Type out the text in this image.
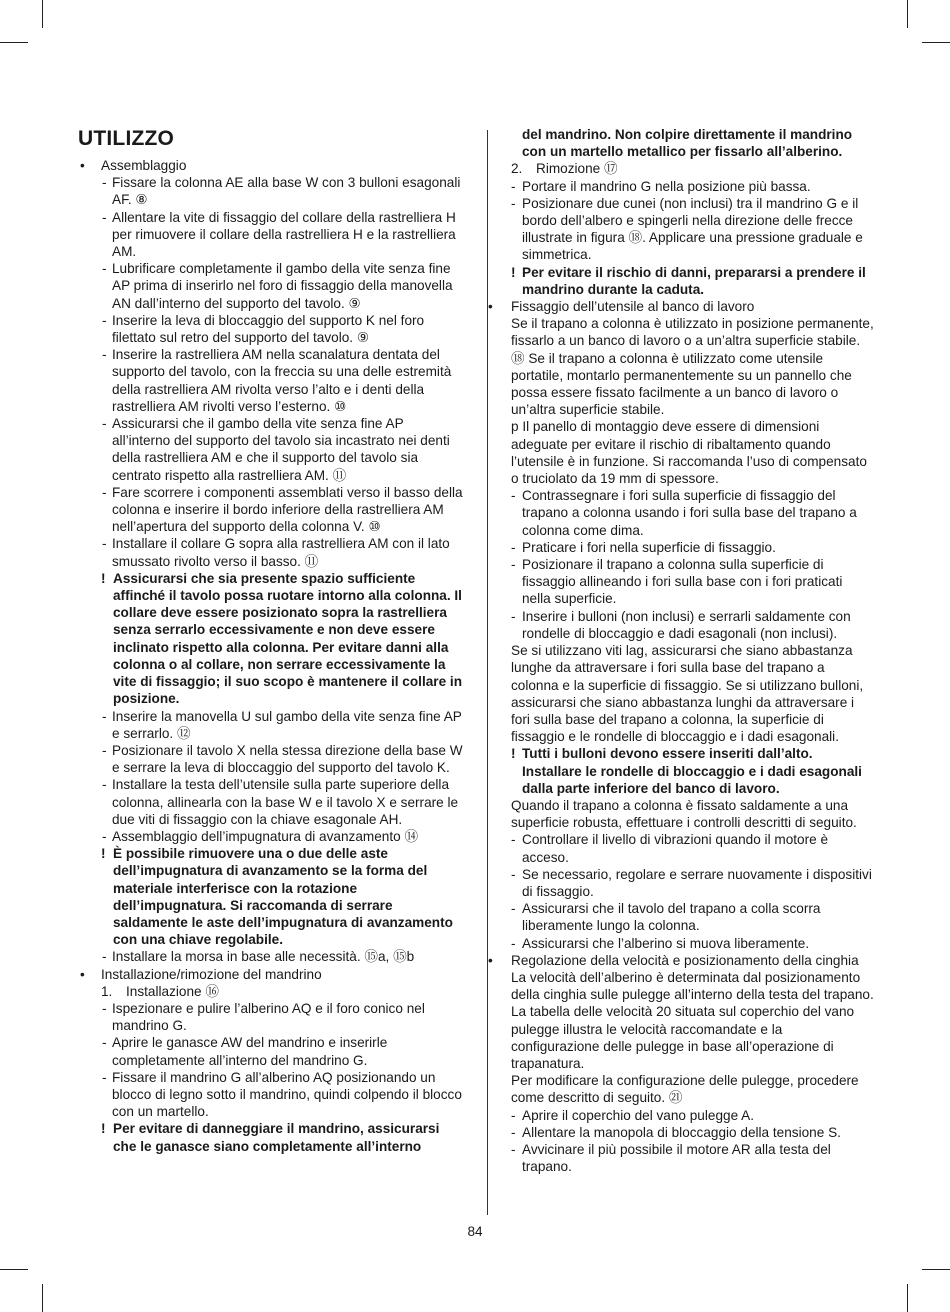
UTILIZZO
• Assemblaggio
- Fissare la colonna AE alla base W con 3 bulloni esagonali AF. ⑧
- Allentare la vite di fissaggio del collare della rastrelliera H per rimuovere il collare della rastrelliera H e la rastrelliera AM.
- Lubrificare completamente il gambo della vite senza fine AP prima di inserirlo nel foro di fissaggio della manovella AN dall’interno del supporto del tavolo. ⑨
- Inserire la leva di bloccaggio del supporto K nel foro filettato sul retro del supporto del tavolo. ⑨
- Inserire la rastrelliera AM nella scanalatura dentata del supporto del tavolo, con la freccia su una delle estremità della rastrelliera AM rivolta verso l’alto e i denti della rastrelliera AM rivolti verso l’esterno. ⑩
- Assicurarsi che il gambo della vite senza fine AP all’interno del supporto del tavolo sia incastrato nei denti della rastrelliera AM e che il supporto del tavolo sia centrato rispetto alla rastrelliera AM. ⑪
- Fare scorrere i componenti assemblati verso il basso della colonna e inserire il bordo inferiore della rastrelliera AM nell’apertura del supporto della colonna V. ⑩
- Installare il collare G sopra alla rastrelliera AM con il lato smussato rivolto verso il basso. ⑪
! Assicurarsi che sia presente spazio sufficiente affinché il tavolo possa ruotare intorno alla colonna. Il collare deve essere posizionato sopra la rastrelliera senza serrarlo eccessivamente e non deve essere inclinato rispetto alla colonna. Per evitare danni alla colonna o al collare, non serrare eccessivamente la vite di fissaggio; il suo scopo è mantenere il collare in posizione.
- Inserire la manovella U sul gambo della vite senza fine AP e serrarlo. ⑫
- Posizionare il tavolo X nella stessa direzione della base W e serrare la leva di bloccaggio del supporto del tavolo K.
- Installare la testa dell’utensile sulla parte superiore della colonna, allinearla con la base W e il tavolo X e serrare le due viti di fissaggio con la chiave esagonale AH.
- Assemblaggio dell’impugnatura di avanzamento ⑭
! È possibile rimuovere una o due delle aste dell’impugnatura di avanzamento se la forma del materiale interferisce con la rotazione dell’impugnatura. Si raccomanda di serrare saldamente le aste dell’impugnatura di avanzamento con una chiave regolabile.
- Installare la morsa in base alle necessità. ⑮a, ⑮b
• Installazione/rimozione del mandrino
1.	Installazione ⑯
- Ispezionare e pulire l’alberino AQ e il foro conico nel mandrino G.
- Aprire le ganasce AW del mandrino e inserirle completamente all’interno del mandrino G.
- Fissare il mandrino G all’alberino AQ posizionando un blocco di legno sotto il mandrino, quindi colpendo il blocco con un martello.
! Per evitare di danneggiare il mandrino, assicurarsi che le ganasce siano completamente all’interno
del mandrino. Non colpire direttamente il mandrino con un martello metallico per fissarlo all’alberino.
2.	Rimozione ⑰
- Portare il mandrino G nella posizione più bassa.
- Posizionare due cunei (non inclusi) tra il mandrino G e il bordo dell’albero e spingerli nella direzione delle frecce illustrate in figura ⑱. Applicare una pressione graduale e simmetrica.
! Per evitare il rischio di danni, prepararsi a prendere il mandrino durante la caduta.
• Fissaggio dell’utensile al banco di lavoro
Se il trapano a colonna è utilizzato in posizione permanente, fissarlo a un banco di lavoro o a un’altra superficie stabile. ⑱ Se il trapano a colonna è utilizzato come utensile portatile, montarlo permanentemente su un pannello che possa essere fissato facilmente a un banco di lavoro o un’altra superficie stabile.
p Il panello di montaggio deve essere di dimensioni adeguate per evitare il rischio di ribaltamento quando l’utensile è in funzione. Si raccomanda l’uso di compensato o truciolato da 19 mm di spessore.
- Contrassegnare i fori sulla superficie di fissaggio del trapano a colonna usando i fori sulla base del trapano a colonna come dima.
- Praticare i fori nella superficie di fissaggio.
- Posizionare il trapano a colonna sulla superficie di fissaggio allineando i fori sulla base con i fori praticati nella superficie.
- Inserire i bulloni (non inclusi) e serrarli saldamente con rondelle di bloccaggio e dadi esagonali (non inclusi).
Se si utilizzano viti lag, assicurarsi che siano abbastanza lunghe da attraversare i fori sulla base del trapano a colonna e la superficie di fissaggio. Se si utilizzano bulloni, assicurarsi che siano abbastanza lunghi da attraversare i fori sulla base del trapano a colonna, la superficie di fissaggio e le rondelle di bloccaggio e i dadi esagonali.
! Tutti i bulloni devono essere inseriti dall’alto. Installare le rondelle di bloccaggio e i dadi esagonali dalla parte inferiore del banco di lavoro.
Quando il trapano a colonna è fissato saldamente a una superficie robusta, effettuare i controlli descritti di seguito.
- Controllare il livello di vibrazioni quando il motore è acceso.
- Se necessario, regolare e serrare nuovamente i dispositivi di fissaggio.
- Assicurarsi che il tavolo del trapano a colla scorra liberamente lungo la colonna.
- Assicurarsi che l’alberino si muova liberamente.
• Regolazione della velocità e posizionamento della cinghia
La velocità dell’alberino è determinata dal posizionamento della cinghia sulle pulegge all’interno della testa del trapano. La tabella delle velocità 20 situata sul coperchio del vano pulegge illustra le velocità raccomandate e la configurazione delle pulegge in base all’operazione di trapanatura.
Per modificare la configurazione delle pulegge, procedere come descritto di seguito. ㉑
- Aprire il coperchio del vano pulegge A.
- Allentare la manopola di bloccaggio della tensione S.
- Avvicinare il più possibile il motore AR alla testa del trapano.
84
